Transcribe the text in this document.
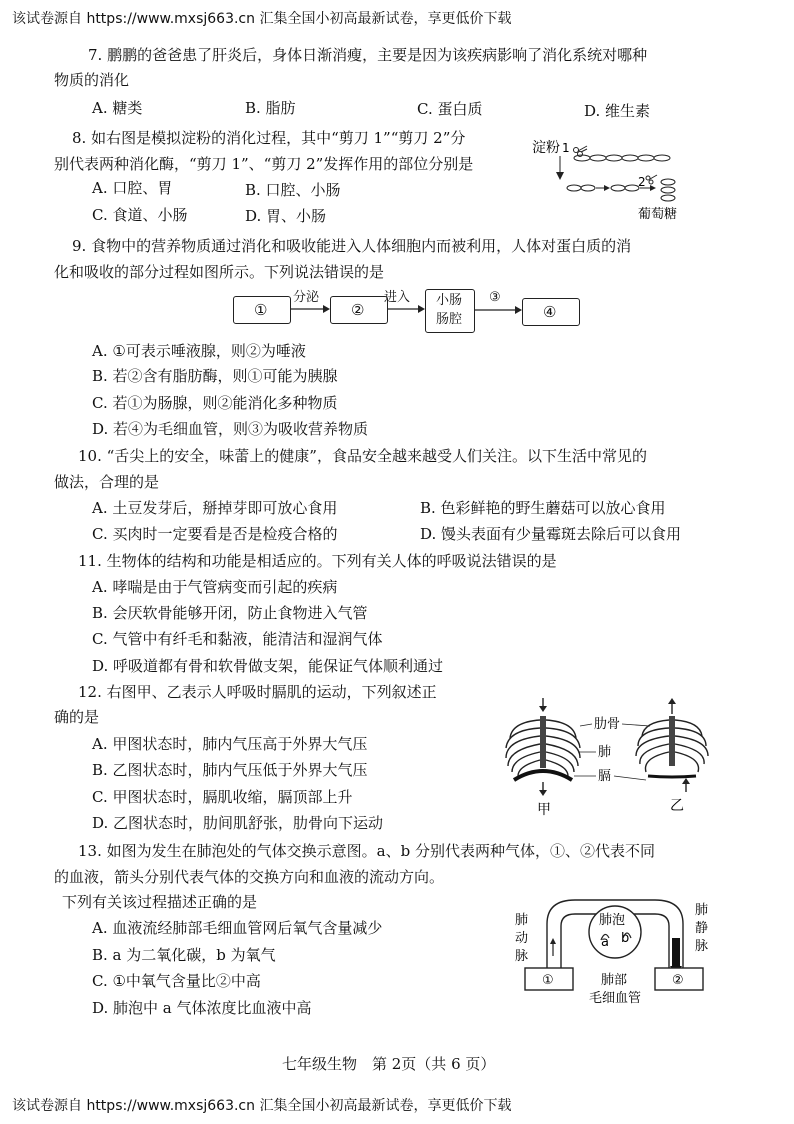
该试卷源自 https://www.mxsj663.cn 汇集全国小初高最新试卷，享更低价下载
7. 鹏鹏的爸爸患了肝炎后，身体日渐消瘦，主要是因为该疾病影响了消化系统对哪种
物质的消化
A. 糖类	B. 脂肪	C. 蛋白质	D. 维生素
8. 如右图是模拟淀粉的消化过程，其中“剪刀 1”“剪刀 2”分
别代表两种消化酶，“剪刀 1”、“剪刀 2”发挥作用的部位分别是
A. 口腔、胃	B. 口腔、小肠
C. 食道、小肠	D. 胃、小肠
淀粉 1
2
葡萄糖
9. 食物中的营养物质通过消化和吸收能进入人体细胞内而被利用，人体对蛋白质的消
化和吸收的部分过程如图所示。下列说法错误的是
①
分泌
②
进入 小肠
肠腔
③
④
A. ①可表示唾液腺，则②为唾液
B. 若②含有脂肪酶，则①可能为胰腺
C. 若①为肠腺，则②能消化多种物质
D. 若④为毛细血管，则③为吸收营养物质
10. “舌尖上的安全，味蕾上的健康”，食品安全越来越受人们关注。以下生活中常见的
做法，合理的是
A. 土豆发芽后，掰掉芽即可放心食用	B. 色彩鲜艳的野生蘑菇可以放心食用
C. 买肉时一定要看是否是检疫合格的	D. 馒头表面有少量霉斑去除后可以食用
11. 生物体的结构和功能是相适应的。下列有关人体的呼吸说法错误的是
A. 哮喘是由于气管病变而引起的疾病
B. 会厌软骨能够开闭，防止食物进入气管
C. 气管中有纤毛和黏液，能清洁和湿润气体
D. 呼吸道都有骨和软骨做支架，能保证气体顺利通过
12. 右图甲、乙表示人呼吸时膈肌的运动，下列叙述正
确的是
A. 甲图状态时，肺内气压高于外界大气压
B. 乙图状态时，肺内气压低于外界大气压
C. 甲图状态时，膈肌收缩，膈顶部上升
D. 乙图状态时，肋间肌舒张，肋骨向下运动
甲
肋骨
肺
膈
乙
13. 如图为发生在肺泡处的气体交换示意图。a、b 分别代表两种气体，①、②代表不同
的血液，箭头分别代表气体的交换方向和血液的流动方向。
下列有关该过程描述正确的是
A. 血液流经肺部毛细血管网后氧气含量减少
B. a 为二氧化碳，b 为氧气
C. ①中氧气含量比②中高
D. 肺泡中 a 气体浓度比血液中高
肺
动
脉
肺
静
脉
肺泡
a b
①	②
肺部
毛细血管
七年级生物　第 2页（共 6 页）
该试卷源自 https://www.mxsj663.cn 汇集全国小初高最新试卷，享更低价下载
